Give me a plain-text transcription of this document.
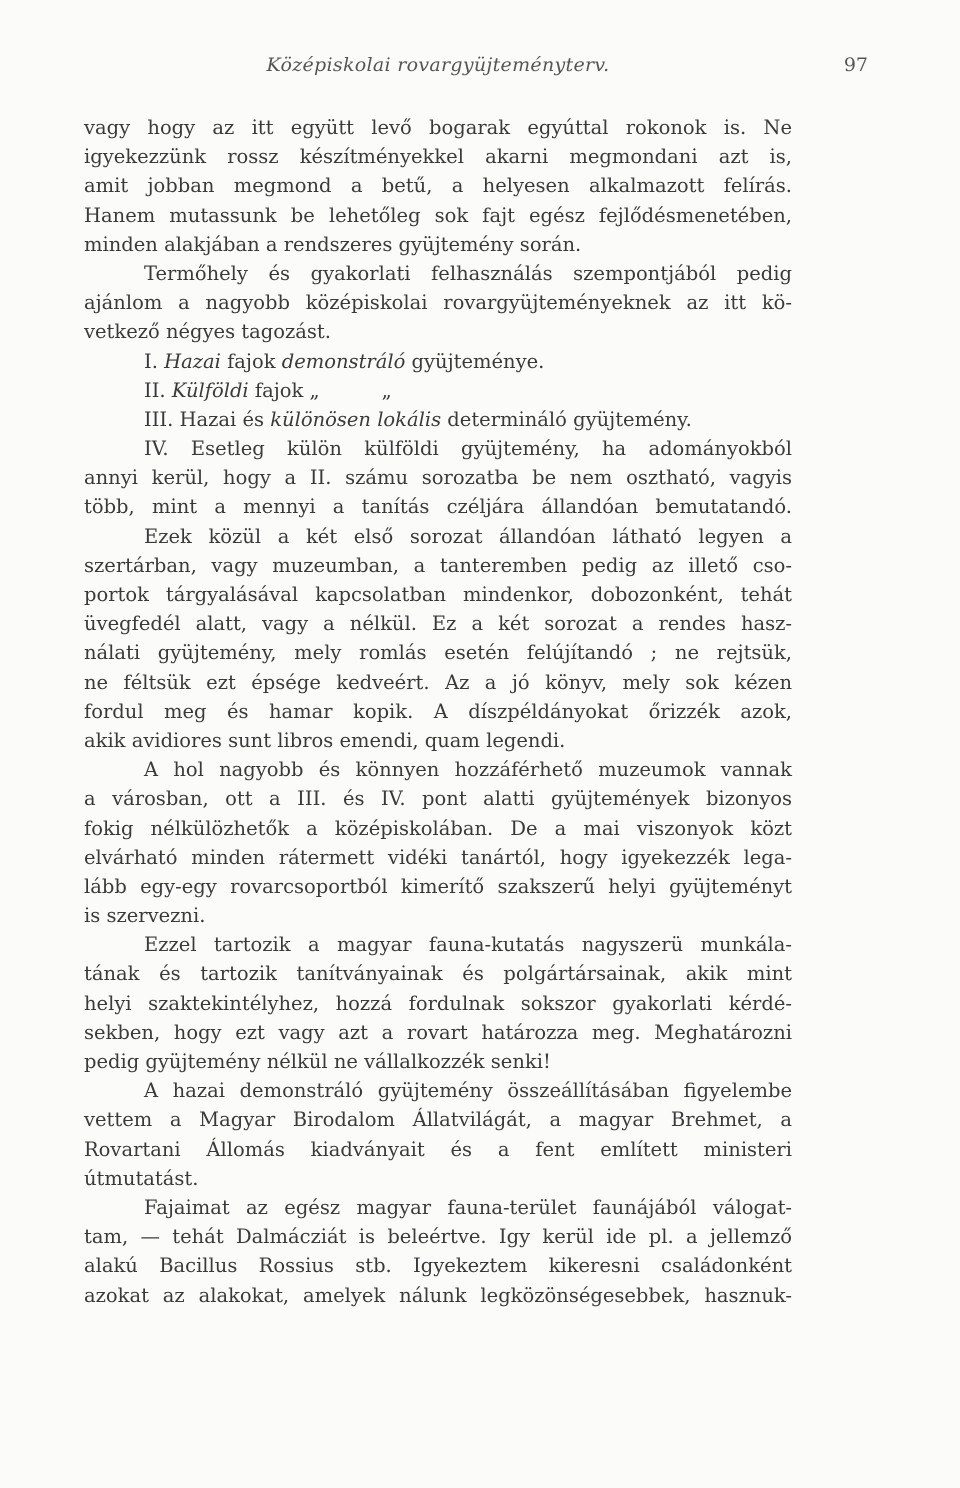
Középiskolai rovargyüjteményterv.	97
vagy hogy az itt együtt levő bogarak egyúttal rokonok is. Ne
igyekezzünk rossz készítményekkel akarni megmondani azt is,
amit jobban megmond a betű, a helyesen alkalmazott felírás.
Hanem mutassunk be lehetőleg sok fajt egész fejlődésmenetében,
minden alakjában a rendszeres gyüjtemény során.
Termőhely és gyakorlati felhasználás szempontjából pedig
ajánlom a nagyobb középiskolai rovargyüjteményeknek az itt kö-
vetkező négyes tagozást.
I. Hazai fajok demonstráló gyüjteménye.
II. Külföldi fajok „          „
III. Hazai és különösen lokális determináló gyüjtemény.
IV. Esetleg külön külföldi gyüjtemény, ha adományokból
annyi kerül, hogy a II. számu sorozatba be nem osztható, vagyis
több, mint a mennyi a tanítás czéljára állandóan bemutatandó.
Ezek közül a két első sorozat állandóan látható legyen a
szertárban, vagy muzeumban, a tanteremben pedig az illető cso-
portok tárgyalásával kapcsolatban mindenkor, dobozonként, tehát
üvegfedél alatt, vagy a nélkül. Ez a két sorozat a rendes hasz-
nálati gyüjtemény, mely romlás esetén felújítandó ; ne rejtsük,
ne féltsük ezt épsége kedveért. Az a jó könyv, mely sok kézen
fordul meg és hamar kopik. A díszpéldányokat őrizzék azok,
akik avidiores sunt libros emendi, quam legendi.
A hol nagyobb és könnyen hozzáférhető muzeumok vannak
a városban, ott a III. és IV. pont alatti gyüjtemények bizonyos
fokig nélkülözhetők a középiskolában. De a mai viszonyok közt
elvárható minden rátermett vidéki tanártól, hogy igyekezzék lega-
lább egy-egy rovarcsoportból kimerítő szakszerű helyi gyüjteményt
is szervezni.
Ezzel tartozik a magyar fauna-kutatás nagyszerü munkála-
tának és tartozik tanítványainak és polgártársainak, akik mint
helyi szaktekintélyhez, hozzá fordulnak sokszor gyakorlati kérdé-
sekben, hogy ezt vagy azt a rovart határozza meg. Meghatározni
pedig gyüjtemény nélkül ne vállalkozzék senki!
A hazai demonstráló gyüjtemény összeállításában figyelembe
vettem a Magyar Birodalom Állatvilágát, a magyar Brehmet, a
Rovartani Állomás kiadványait és a fent említett ministeri
útmutatást.
Fajaimat az egész magyar fauna-terület faunájából válogat-
tam, — tehát Dalmácziát is beleértve. Igy kerül ide pl. a jellemző
alakú Bacillus Rossius stb. Igyekeztem kikeresni családonként
azokat az alakokat, amelyek nálunk legközönségesebbek, hasznuk-
